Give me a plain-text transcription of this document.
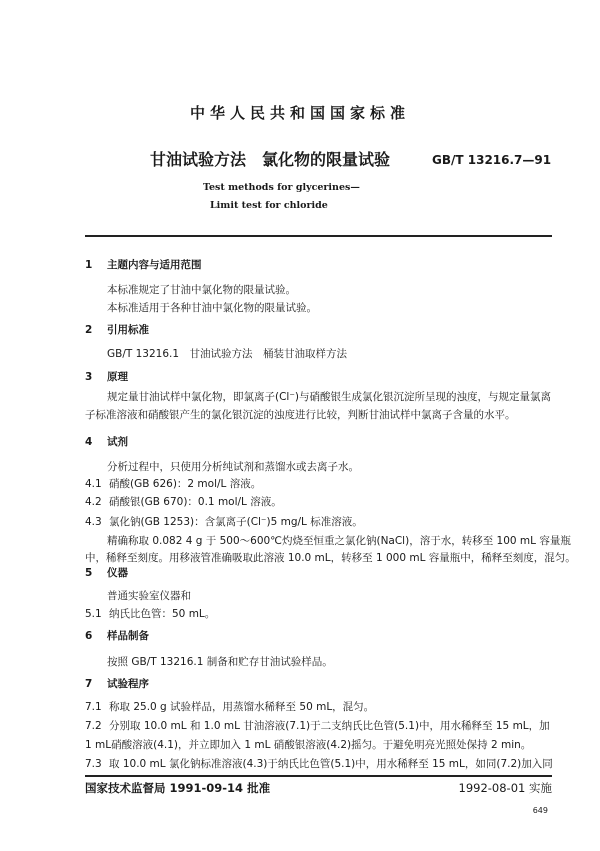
中华人民共和国国家标准
甘油试验方法　氯化物的限量试验	GB/T 13216.7—91
Test methods for glycerines—
Limit test for chloride
1 主题内容与适用范围
本标准规定了甘油中氯化物的限量试验。
本标准适用于各种甘油中氯化物的限量试验。
2 引用标准
GB/T 13216.1　甘油试验方法　桶装甘油取样方法
3 原理
规定量甘油试样中氯化物，即氯离子(Cl⁻)与硝酸银生成氯化银沉淀所呈现的浊度，与规定量氯离
子标准溶液和硝酸银产生的氯化银沉淀的浊度进行比较，判断甘油试样中氯离子含量的水平。
4 试剂
分析过程中，只使用分析纯试剂和蒸馏水或去离子水。
4.1 硝酸(GB 626)：2 mol/L 溶液。
4.2 硝酸银(GB 670)：0.1 mol/L 溶液。
4.3 氯化钠(GB 1253)：含氯离子(Cl⁻)5 mg/L 标准溶液。
精确称取 0.082 4 g 于 500～600℃灼烧至恒重之氯化钠(NaCl)，溶于水，转移至 100 mL 容量瓶
中，稀释至刻度。用移液管准确吸取此溶液 10.0 mL，转移至 1 000 mL 容量瓶中，稀释至刻度，混匀。
5 仪器
普通实验室仪器和
5.1 纳氏比色管：50 mL。
6 样品制备
按照 GB/T 13216.1 制备和贮存甘油试验样品。
7 试验程序
7.1 称取 25.0 g 试验样品，用蒸馏水稀释至 50 mL，混匀。
7.2 分别取 10.0 mL 和 1.0 mL 甘油溶液(7.1)于二支纳氏比色管(5.1)中，用水稀释至 15 mL，加
1 mL硝酸溶液(4.1)，并立即加入 1 mL 硝酸银溶液(4.2)摇匀。于避免明亮光照处保持 2 min。
7.3 取 10.0 mL 氯化钠标准溶液(4.3)于纳氏比色管(5.1)中，用水稀释至 15 mL，如同(7.2)加入同
国家技术监督局 1991-09-14 批准	1992-08-01 实施
649
